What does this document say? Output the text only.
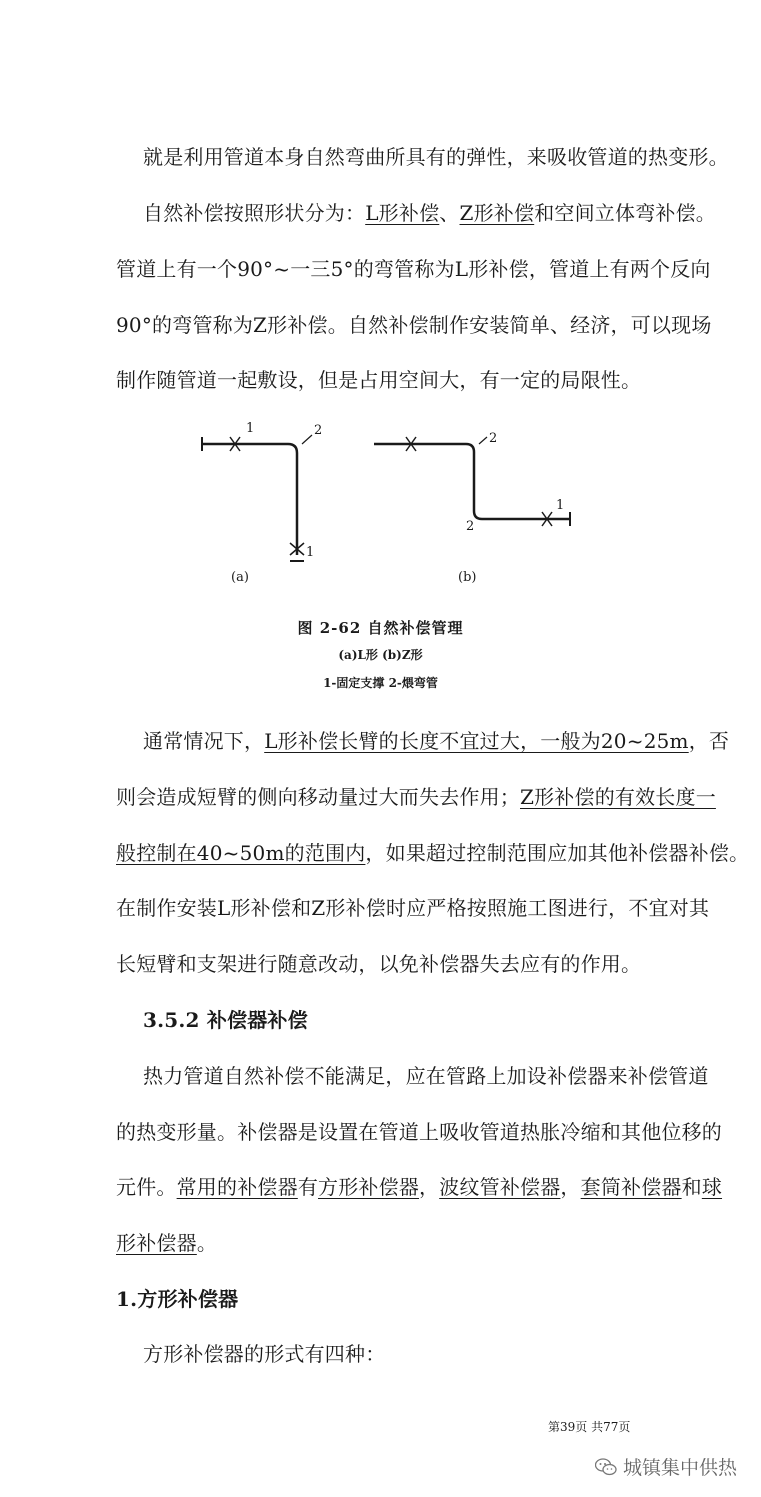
就是利用管道本身自然弯曲所具有的弹性，来吸收管道的热变形。
自然补偿按照形状分为：L形补偿、Z形补偿和空间立体弯补偿。
管道上有一个90°~一三5°的弯管称为L形补偿，管道上有两个反向
90°的弯管称为Z形补偿。自然补偿制作安装简单、经济，可以现场
制作随管道一起敷设，但是占用空间大，有一定的局限性。
1	2
1
2
2
1
(a)	(b)
图 2-62 自然补偿管理
(a)L形 (b)Z形
1-固定支撑 2-煨弯管
通常情况下，L形补偿长臂的长度不宜过大，一般为20~25m，否
则会造成短臂的侧向移动量过大而失去作用；Z形补偿的有效长度一
般控制在40~50m的范围内，如果超过控制范围应加其他补偿器补偿。
在制作安装L形补偿和Z形补偿时应严格按照施工图进行，不宜对其
长短臂和支架进行随意改动，以免补偿器失去应有的作用。
3.5.2 补偿器补偿
热力管道自然补偿不能满足，应在管路上加设补偿器来补偿管道
的热变形量。补偿器是设置在管道上吸收管道热胀冷缩和其他位移的
元件。常用的补偿器有方形补偿器，波纹管补偿器，套筒补偿器和球
形补偿器。
1.方形补偿器
方形补偿器的形式有四种：
第39页 共77页
城镇集中供热
